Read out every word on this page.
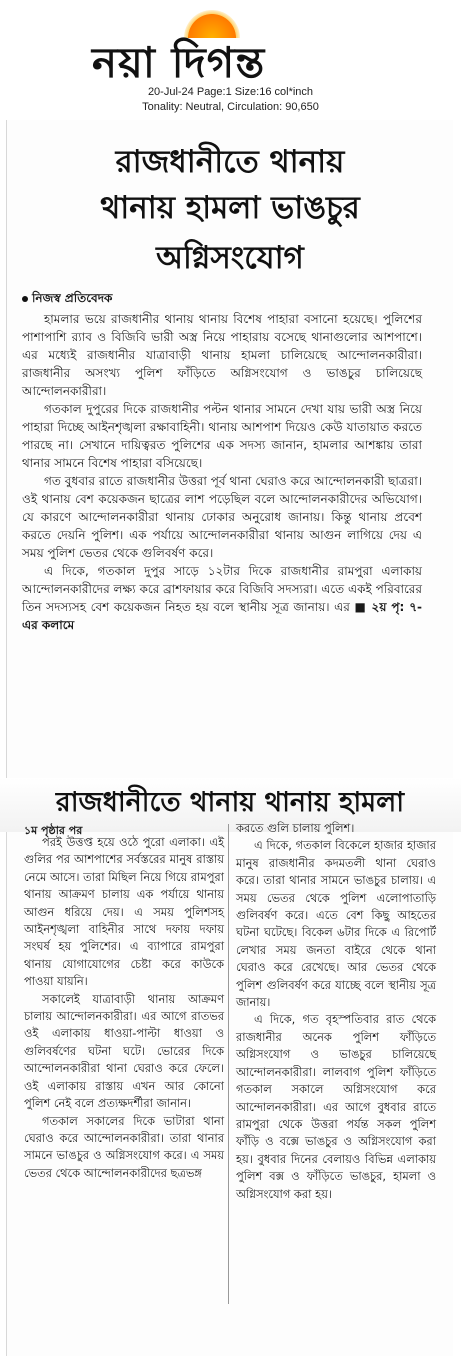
নয়া দিগন্ত
20-Jul-24 Page:1 Size:16 col*inch
Tonality: Neutral, Circulation: 90,650
রাজধানীতে থানায়
থানায় হামলা ভাঙচুর
অগ্নিসংযোগ
নিজস্ব প্রতিবেদক

হামলার ভয়ে রাজধানীর থানায় থানায় বিশেষ পাহারা বসানো হয়েছে। পুলিশের পাশাপাশি র‍্যাব ও বিজিবি ভারী অস্ত্র নিয়ে পাহারায় বসেছে থানাগুলোর আশপাশে। এর মধ্যেই রাজধানীর যাত্রাবাড়ী থানায় হামলা চালিয়েছে আন্দোলনকারীরা। রাজধানীর অসংখ্য পুলিশ ফাঁড়িতে অগ্নিসংযোগ ও ভাঙচুর চালিয়েছে আন্দোলনকারীরা।

গতকাল দুপুরের দিকে রাজধানীর পল্টন থানার সামনে দেখা যায় ভারী অস্ত্র নিয়ে পাহারা দিচ্ছে আইনশৃঙ্খলা রক্ষাবাহিনী। থানায় আশপাশ দিয়েও কেউ যাতায়াত করতে পারছে না। সেখানে দায়িত্বরত পুলিশের এক সদস্য জানান, হামলার আশঙ্কায় তারা থানার সামনে বিশেষ পাহারা বসিয়েছে।

গত বুধবার রাতে রাজধানীর উত্তরা পূর্ব থানা ঘেরাও করে আন্দোলনকারী ছাত্ররা। ওই থানায় বেশ কয়েকজন ছাত্রের লাশ পড়েছিল বলে আন্দোলনকারীদের অভিযোগ। যে কারণে আন্দোলনকারীরা থানায় ঢোকার অনুরোধ জানায়। কিন্তু থানায় প্রবেশ করতে দেয়নি পুলিশ। এক পর্যায়ে আন্দোলনকারীরা থানায় আগুন লাগিয়ে দেয় এ সময় পুলিশ ভেতর থেকে গুলিবর্ষণ করে।

এ দিকে, গতকাল দুপুর সাড়ে ১২টার দিকে রাজধানীর রামপুরা এলাকায় আন্দোলনকারীদের লক্ষ্য করে ব্রাশফায়ার করে বিজিবি সদস্যরা। এতে একই পরিবারের তিন সদস্যসহ বেশ কয়েকজন নিহত হয় বলে স্থানীয় সূত্র জানায়। এর ■ ২য় পৃ: ৭-এর কলামে

রাজধানীতে থানায় থানায় হামলা
১ম পৃষ্ঠার পর

পরই উত্তপ্ত হয়ে ওঠে পুরো এলাকা। এই গুলির পর আশপাশের সর্বস্তরের মানুষ রাস্তায় নেমে আসে। তারা মিছিল নিয়ে গিয়ে রামপুরা থানায় আক্রমণ চালায় এক পর্যায়ে থানায় আগুন ধরিয়ে দেয়। এ সময় পুলিশসহ আইনশৃঙ্খলা বাহিনীর সাথে দফায় দফায় সংঘর্ষ হয় পুলিশের। এ ব্যাপারে রামপুরা থানায় যোগাযোগের চেষ্টা করে কাউকে পাওয়া যায়নি।

সকালেই যাত্রাবাড়ী থানায় আক্রমণ চালায় আন্দোলনকারীরা। এর আগে রাতভর ওই এলাকায় ধাওয়া-পাল্টা ধাওয়া ও গুলিবর্ষণের ঘটনা ঘটে। ভোরের দিকে আন্দোলনকারীরা থানা ঘেরাও করে ফেলে। ওই এলাকায় রাস্তায় এখন আর কোনো পুলিশ নেই বলে প্রত্যক্ষদর্শীরা জানান।

গতকাল সকালের দিকে ভাটারা থানা ঘেরাও করে আন্দোলনকারীরা। তারা থানার সামনে ভাঙচুর ও অগ্নিসংযোগ করে। এ সময় ভেতর থেকে আন্দোলনকারীদের ছত্রভঙ্গ

করতে গুলি চালায় পুলিশ।

এ দিকে, গতকাল বিকেলে হাজার হাজার মানুষ রাজধানীর কদমতলী থানা ঘেরাও করে। তারা থানার সামনে ভাঙচুর চালায়। এ সময় ভেতর থেকে পুলিশ এলোপাতাড়ি গুলিবর্ষণ করে। এতে বেশ কিছু আহতের ঘটনা ঘটেছে। বিকেল ৬টার দিকে এ রিপোর্ট লেখার সময় জনতা বাইরে থেকে থানা ঘেরাও করে রেখেছে। আর ভেতর থেকে পুলিশ গুলিবর্ষণ করে যাচ্ছে বলে স্থানীয় সূত্র জানায়।

এ দিকে, গত বৃহস্পতিবার রাত থেকে রাজধানীর অনেক পুলিশ ফাঁড়িতে অগ্নিসংযোগ ও ভাঙচুর চালিয়েছে আন্দোলনকারীরা। লালবাগ পুলিশ ফাঁড়িতে গতকাল সকালে অগ্নিসংযোগ করে আন্দোলনকারীরা। এর আগে বুধবার রাতে রামপুরা থেকে উত্তরা পর্যন্ত সকল পুলিশ ফাঁড়ি ও বক্সে ভাঙচুর ও অগ্নিসংযোগ করা হয়। বুধবার দিনের বেলায়ও বিভিন্ন এলাকায় পুলিশ বক্স ও ফাঁড়িতে ভাঙচুর, হামলা ও অগ্নিসংযোগ করা হয়।
